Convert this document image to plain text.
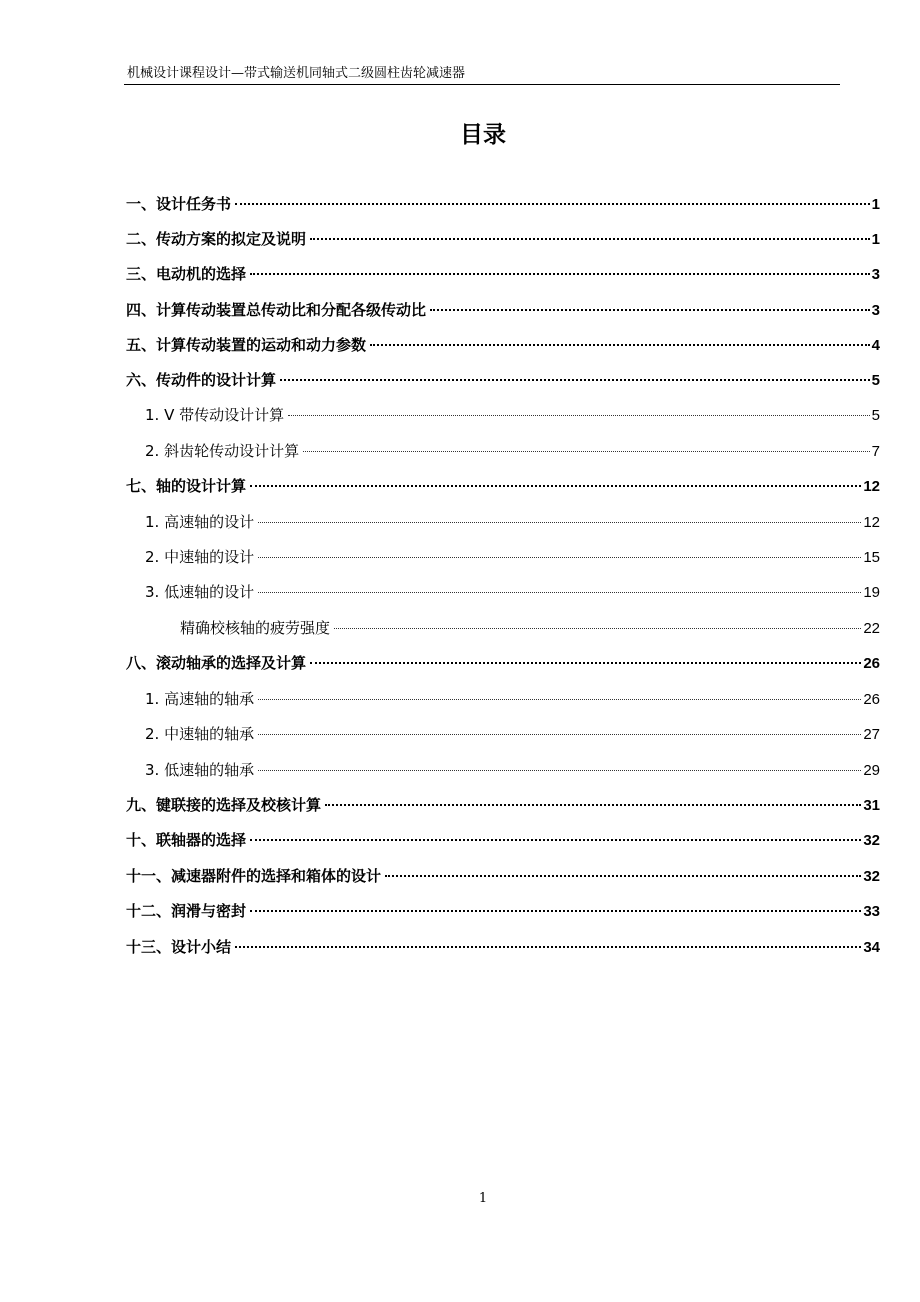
机械设计课程设计—带式输送机同轴式二级圆柱齿轮减速器
目录
一、设计任务书	1
二、传动方案的拟定及说明	1
三、电动机的选择	3
四、计算传动装置总传动比和分配各级传动比	3
五、计算传动装置的运动和动力参数	4
六、传动件的设计计算	5
1. V 带传动设计计算	5
2. 斜齿轮传动设计计算	7
七、轴的设计计算	12
1. 高速轴的设计	12
2. 中速轴的设计	15
3. 低速轴的设计	19
精确校核轴的疲劳强度	22
八、滚动轴承的选择及计算	26
1. 高速轴的轴承	26
2. 中速轴的轴承	27
3. 低速轴的轴承	29
九、键联接的选择及校核计算	31
十、联轴器的选择	32
十一、减速器附件的选择和箱体的设计	32
十二、润滑与密封	33
十三、设计小结	34
1
